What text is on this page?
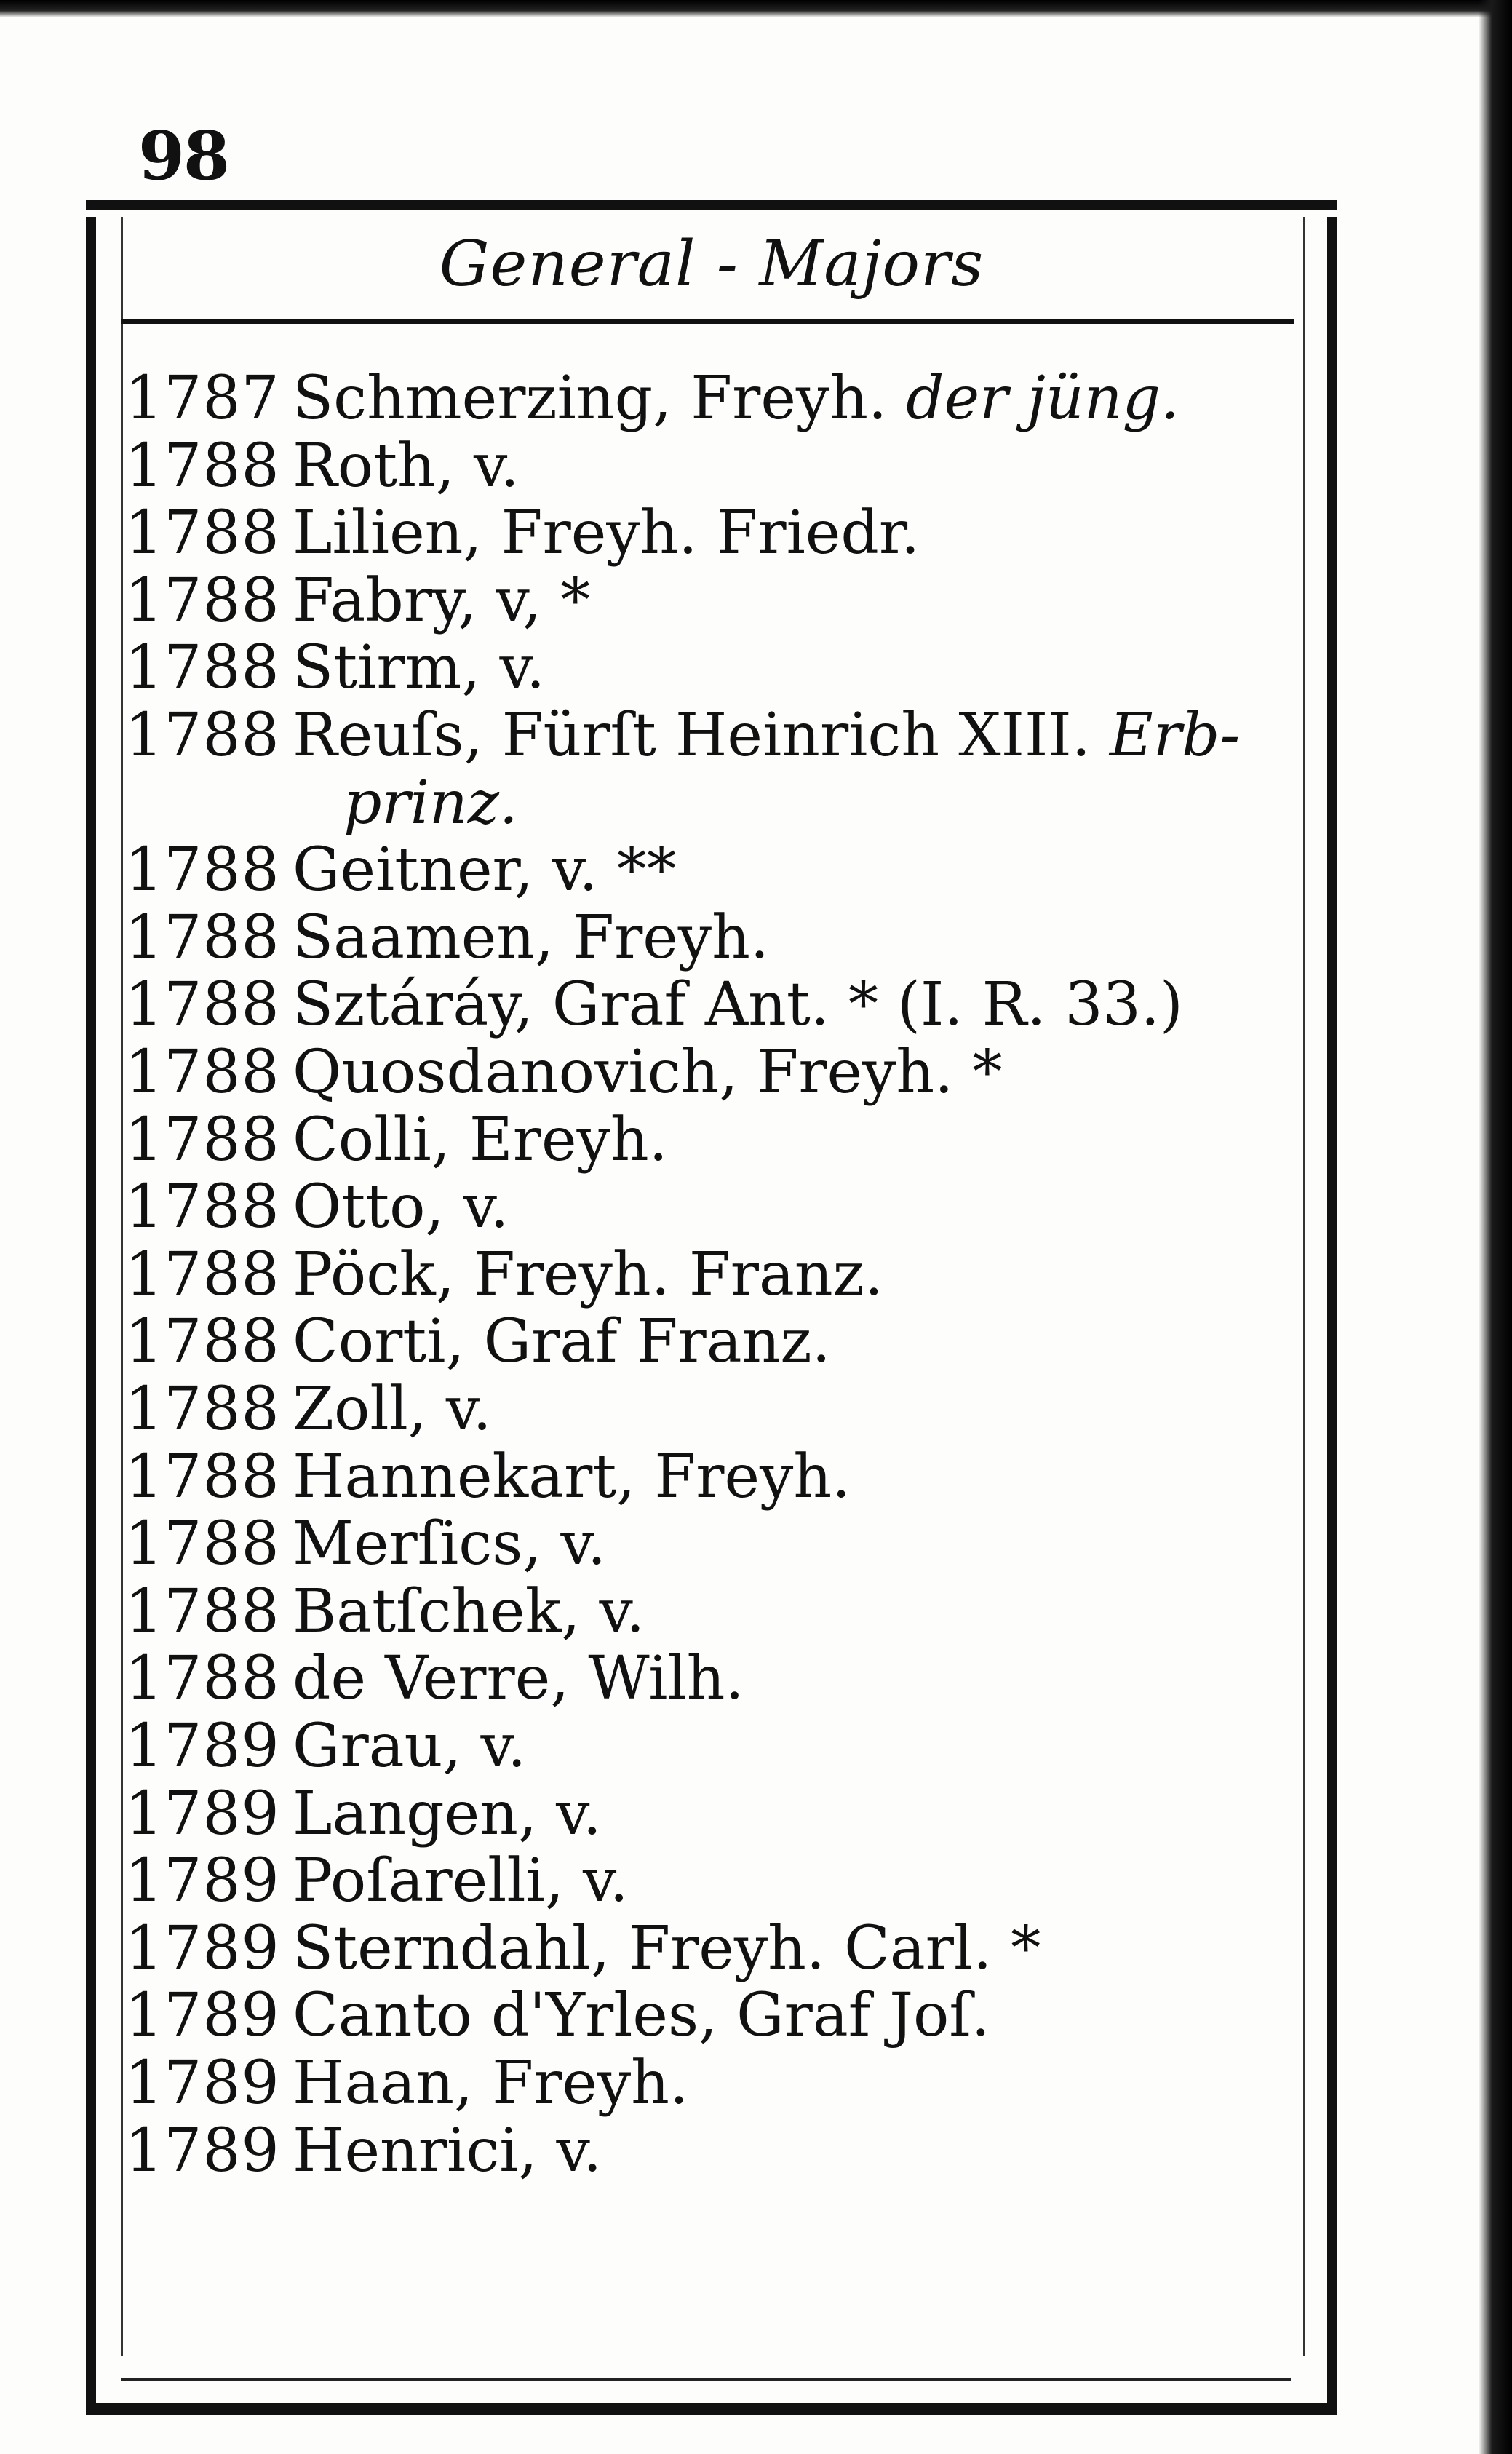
98
General - Majors
1787 Schmerzing, Freyh. der jüng.
1788 Roth, v.
1788 Lilien, Freyh. Friedr.
1788 Fabry, v, *
1788 Stirm, v.
1788 Reuſs, Fürſt Heinrich XIII. Erb-
prinz.
1788 Geitner, v. **
1788 Saamen, Freyh.
1788 Sztáráy, Graf Ant. * (I. R. 33.)
1788 Quosdanovich, Freyh. *
1788 Colli, Ereyh.
1788 Otto, v.
1788 Pöck, Freyh. Franz.
1788 Corti, Graf Franz.
1788 Zoll, v.
1788 Hannekart, Freyh.
1788 Merſics, v.
1788 Batſchek, v.
1788 de Verre, Wilh.
1789 Grau, v.
1789 Langen, v.
1789 Poſarelli, v.
1789 Sterndahl, Freyh. Carl. *
1789 Canto d'Yrles, Graf Joſ.
1789 Haan, Freyh.
1789 Henrici, v.
